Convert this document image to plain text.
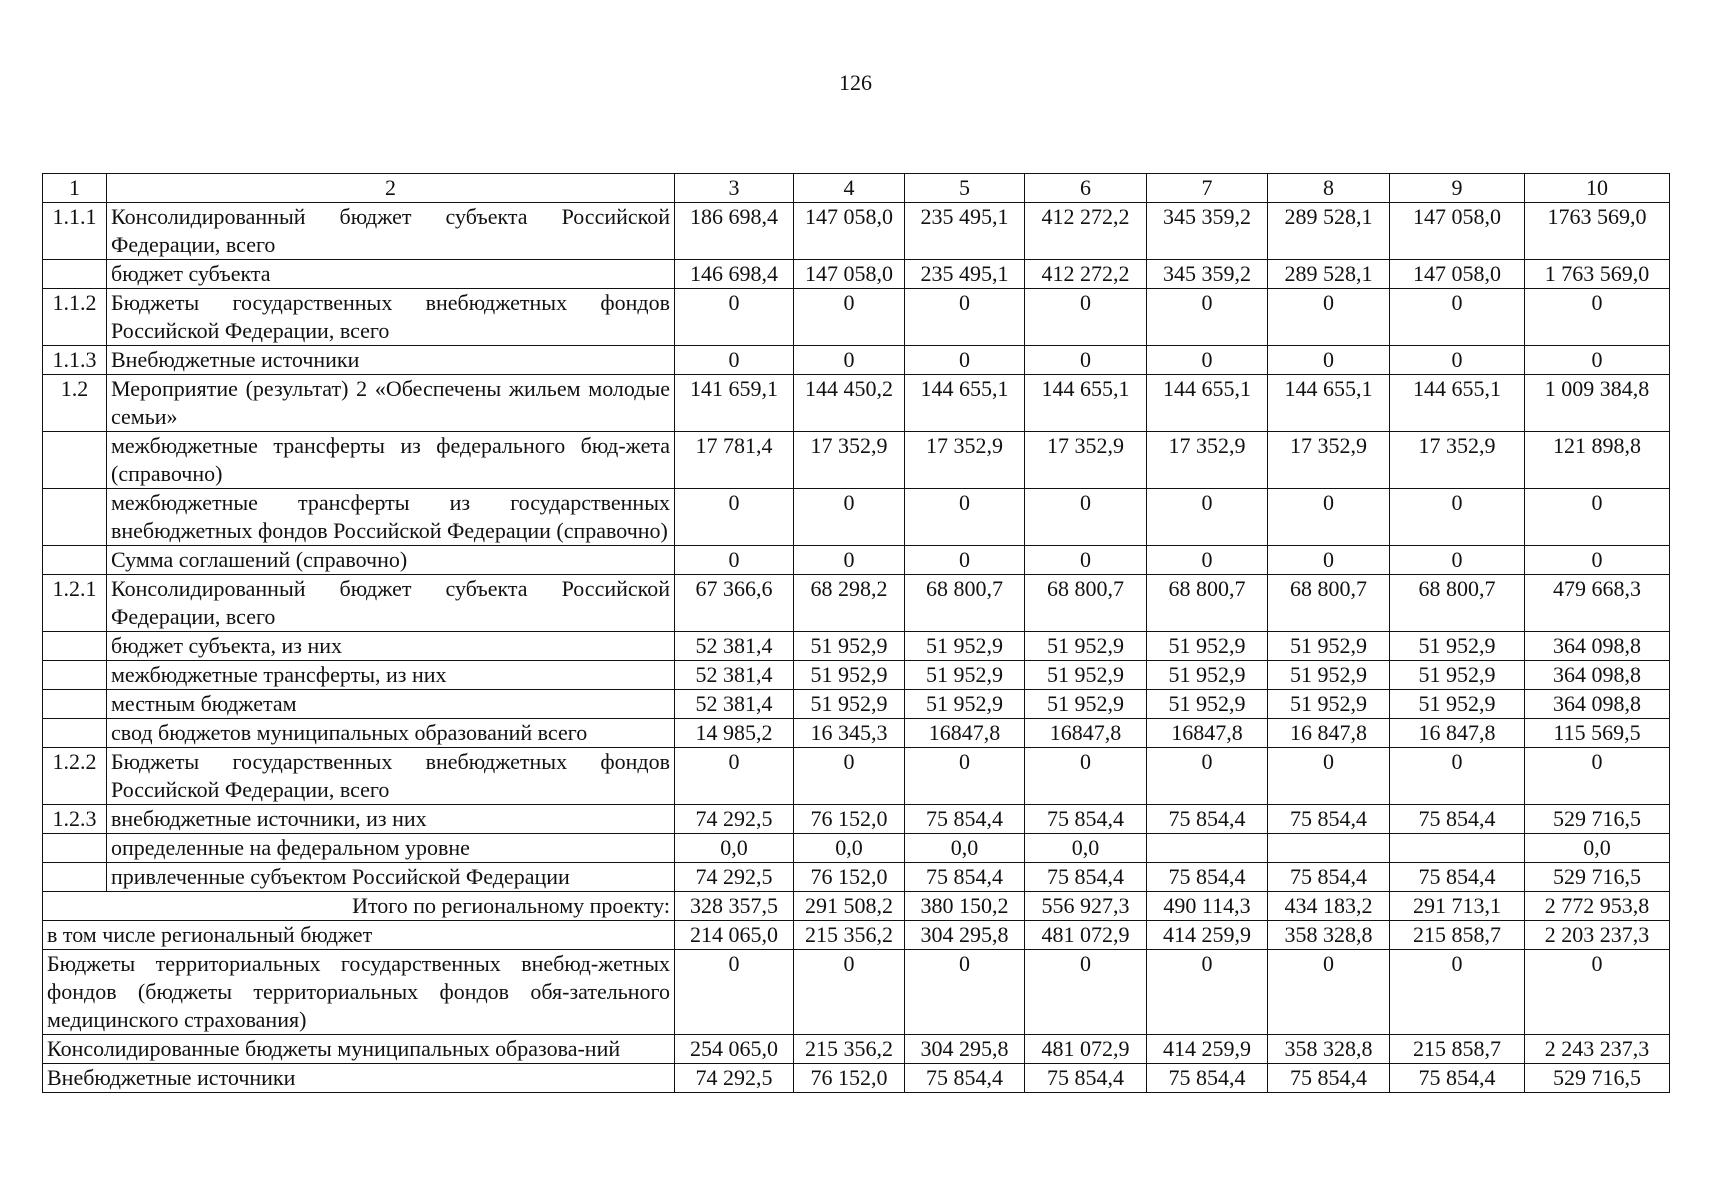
126
1	2	3	4	5	6	7	8	9	10
1.1.1	Консолидированный бюджет субъекта Российской Федерации, всего	186 698,4	147 058,0	235 495,1	412 272,2	345 359,2	289 528,1	147 058,0	1763 569,0
	бюджет субъекта	146 698,4	147 058,0	235 495,1	412 272,2	345 359,2	289 528,1	147 058,0	1 763 569,0
1.1.2	Бюджеты государственных внебюджетных фондов Российской Федерации, всего	0	0	0	0	0	0	0	0
1.1.3	Внебюджетные источники	0	0	0	0	0	0	0	0
1.2	Мероприятие (результат) 2 «Обеспечены жильем молодые семьи»	141 659,1	144 450,2	144 655,1	144 655,1	144 655,1	144 655,1	144 655,1	1 009 384,8
	межбюджетные трансферты из федерального бюд-жета (справочно)	17 781,4	17 352,9	17 352,9	17 352,9	17 352,9	17 352,9	17 352,9	121 898,8
	межбюджетные трансферты из государственных внебюджетных фондов Российской Федерации (справочно)	0	0	0	0	0	0	0	0
	Сумма соглашений (справочно)	0	0	0	0	0	0	0	0
1.2.1	Консолидированный бюджет субъекта Российской Федерации, всего	67 366,6	68 298,2	68 800,7	68 800,7	68 800,7	68 800,7	68 800,7	479 668,3
	бюджет субъекта, из них	52 381,4	51 952,9	51 952,9	51 952,9	51 952,9	51 952,9	51 952,9	364 098,8
	межбюджетные трансферты, из них	52 381,4	51 952,9	51 952,9	51 952,9	51 952,9	51 952,9	51 952,9	364 098,8
	местным бюджетам	52 381,4	51 952,9	51 952,9	51 952,9	51 952,9	51 952,9	51 952,9	364 098,8
	свод бюджетов муниципальных образований всего	14 985,2	16 345,3	16847,8	16847,8	16847,8	16 847,8	16 847,8	115 569,5
1.2.2	Бюджеты государственных внебюджетных фондов Российской Федерации, всего	0	0	0	0	0	0	0	0
1.2.3	внебюджетные источники, из них	74 292,5	76 152,0	75 854,4	75 854,4	75 854,4	75 854,4	75 854,4	529 716,5
	определенные на федеральном уровне	0,0	0,0	0,0	0,0				0,0
	привлеченные субъектом Российской Федерации	74 292,5	76 152,0	75 854,4	75 854,4	75 854,4	75 854,4	75 854,4	529 716,5
Итого по региональному проекту:		328 357,5	291 508,2	380 150,2	556 927,3	490 114,3	434 183,2	291 713,1	2 772 953,8
в том числе региональный бюджет		214 065,0	215 356,2	304 295,8	481 072,9	414 259,9	358 328,8	215 858,7	2 203 237,3
Бюджеты территориальных государственных внебюд-жетных фондов (бюджеты территориальных фондов обя-зательного медицинского страхования)		0	0	0	0	0	0	0	0
Консолидированные бюджеты муниципальных образова-ний		254 065,0	215 356,2	304 295,8	481 072,9	414 259,9	358 328,8	215 858,7	2 243 237,3
Внебюджетные источники		74 292,5	76 152,0	75 854,4	75 854,4	75 854,4	75 854,4	75 854,4	529 716,5
